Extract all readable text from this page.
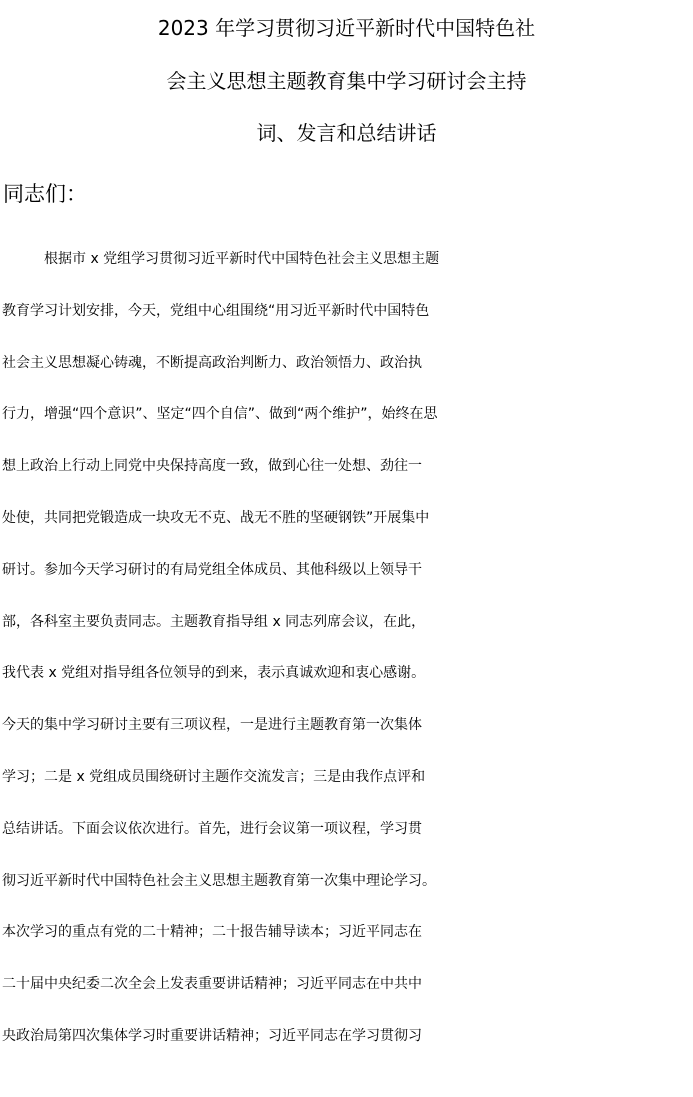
2023 年学习贯彻习近平新时代中国特色社
会主义思想主题教育集中学习研讨会主持
词、发言和总结讲话

同志们：

根据市 x 党组学习贯彻习近平新时代中国特色社会主义思想主题
教育学习计划安排，今天，党组中心组围绕“用习近平新时代中国特色
社会主义思想凝心铸魂，不断提高政治判断力、政治领悟力、政治执
行力，增强“四个意识”、坚定“四个自信”、做到“两个维护”，始终在思
想上政治上行动上同党中央保持高度一致，做到心往一处想、劲往一
处使，共同把党锻造成一块攻无不克、战无不胜的坚硬钢铁”开展集中
研讨。参加今天学习研讨的有局党组全体成员、其他科级以上领导干
部，各科室主要负责同志。主题教育指导组 x 同志列席会议，在此，
我代表 x 党组对指导组各位领导的到来，表示真诚欢迎和衷心感谢。
今天的集中学习研讨主要有三项议程，一是进行主题教育第一次集体
学习；二是 x 党组成员围绕研讨主题作交流发言；三是由我作点评和
总结讲话。下面会议依次进行。首先，进行会议第一项议程，学习贯
彻习近平新时代中国特色社会主义思想主题教育第一次集中理论学习。
本次学习的重点有党的二十精神；二十报告辅导读本；习近平同志在
二十届中央纪委二次全会上发表重要讲话精神；习近平同志在中共中
央政治局第四次集体学习时重要讲话精神；习近平同志在学习贯彻习
